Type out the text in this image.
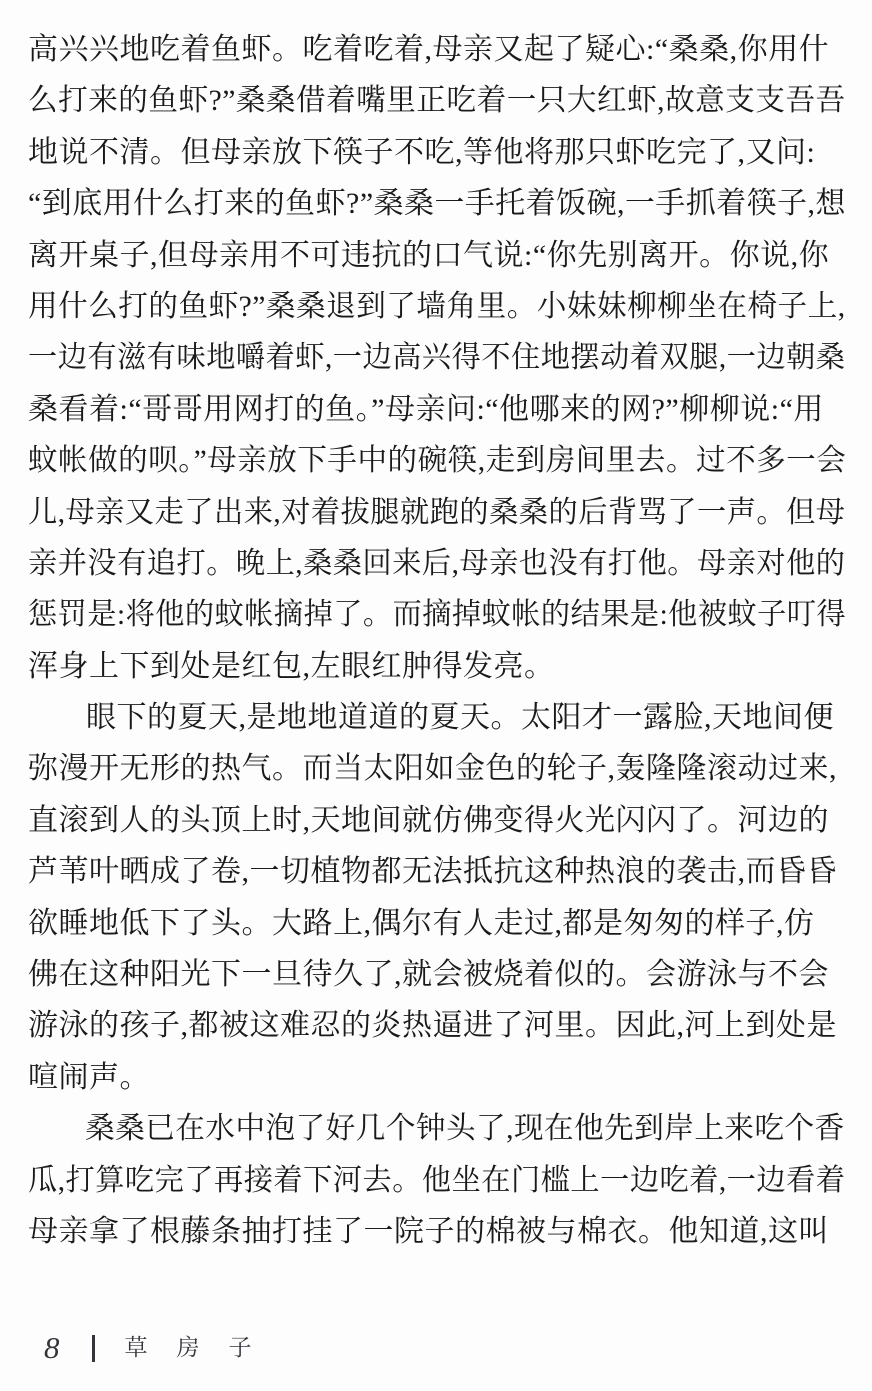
高兴兴地吃着鱼虾。吃着吃着,母亲又起了疑心:“桑桑,你用什
么打来的鱼虾?”桑桑借着嘴里正吃着一只大红虾,故意支支吾吾
地说不清。但母亲放下筷子不吃,等他将那只虾吃完了,又问:
“到底用什么打来的鱼虾?”桑桑一手托着饭碗,一手抓着筷子,想
离开桌子,但母亲用不可违抗的口气说:“你先别离开。你说,你
用什么打的鱼虾?”桑桑退到了墙角里。小妹妹柳柳坐在椅子上,
一边有滋有味地嚼着虾,一边高兴得不住地摆动着双腿,一边朝桑
桑看着:“哥哥用网打的鱼。”母亲问:“他哪来的网?”柳柳说:“用
蚊帐做的呗。”母亲放下手中的碗筷,走到房间里去。过不多一会
儿,母亲又走了出来,对着拔腿就跑的桑桑的后背骂了一声。但母
亲并没有追打。晚上,桑桑回来后,母亲也没有打他。母亲对他的
惩罚是:将他的蚊帐摘掉了。而摘掉蚊帐的结果是:他被蚊子叮得
浑身上下到处是红包,左眼红肿得发亮。
眼下的夏天,是地地道道的夏天。太阳才一露脸,天地间便
弥漫开无形的热气。而当太阳如金色的轮子,轰隆隆滚动过来,
直滚到人的头顶上时,天地间就仿佛变得火光闪闪了。河边的
芦苇叶晒成了卷,一切植物都无法抵抗这种热浪的袭击,而昏昏
欲睡地低下了头。大路上,偶尔有人走过,都是匆匆的样子,仿
佛在这种阳光下一旦待久了,就会被烧着似的。会游泳与不会
游泳的孩子,都被这难忍的炎热逼进了河里。因此,河上到处是
喧闹声。
桑桑已在水中泡了好几个钟头了,现在他先到岸上来吃个香
瓜,打算吃完了再接着下河去。他坐在门槛上一边吃着,一边看着
母亲拿了根藤条抽打挂了一院子的棉被与棉衣。他知道,这叫
8	草房子
